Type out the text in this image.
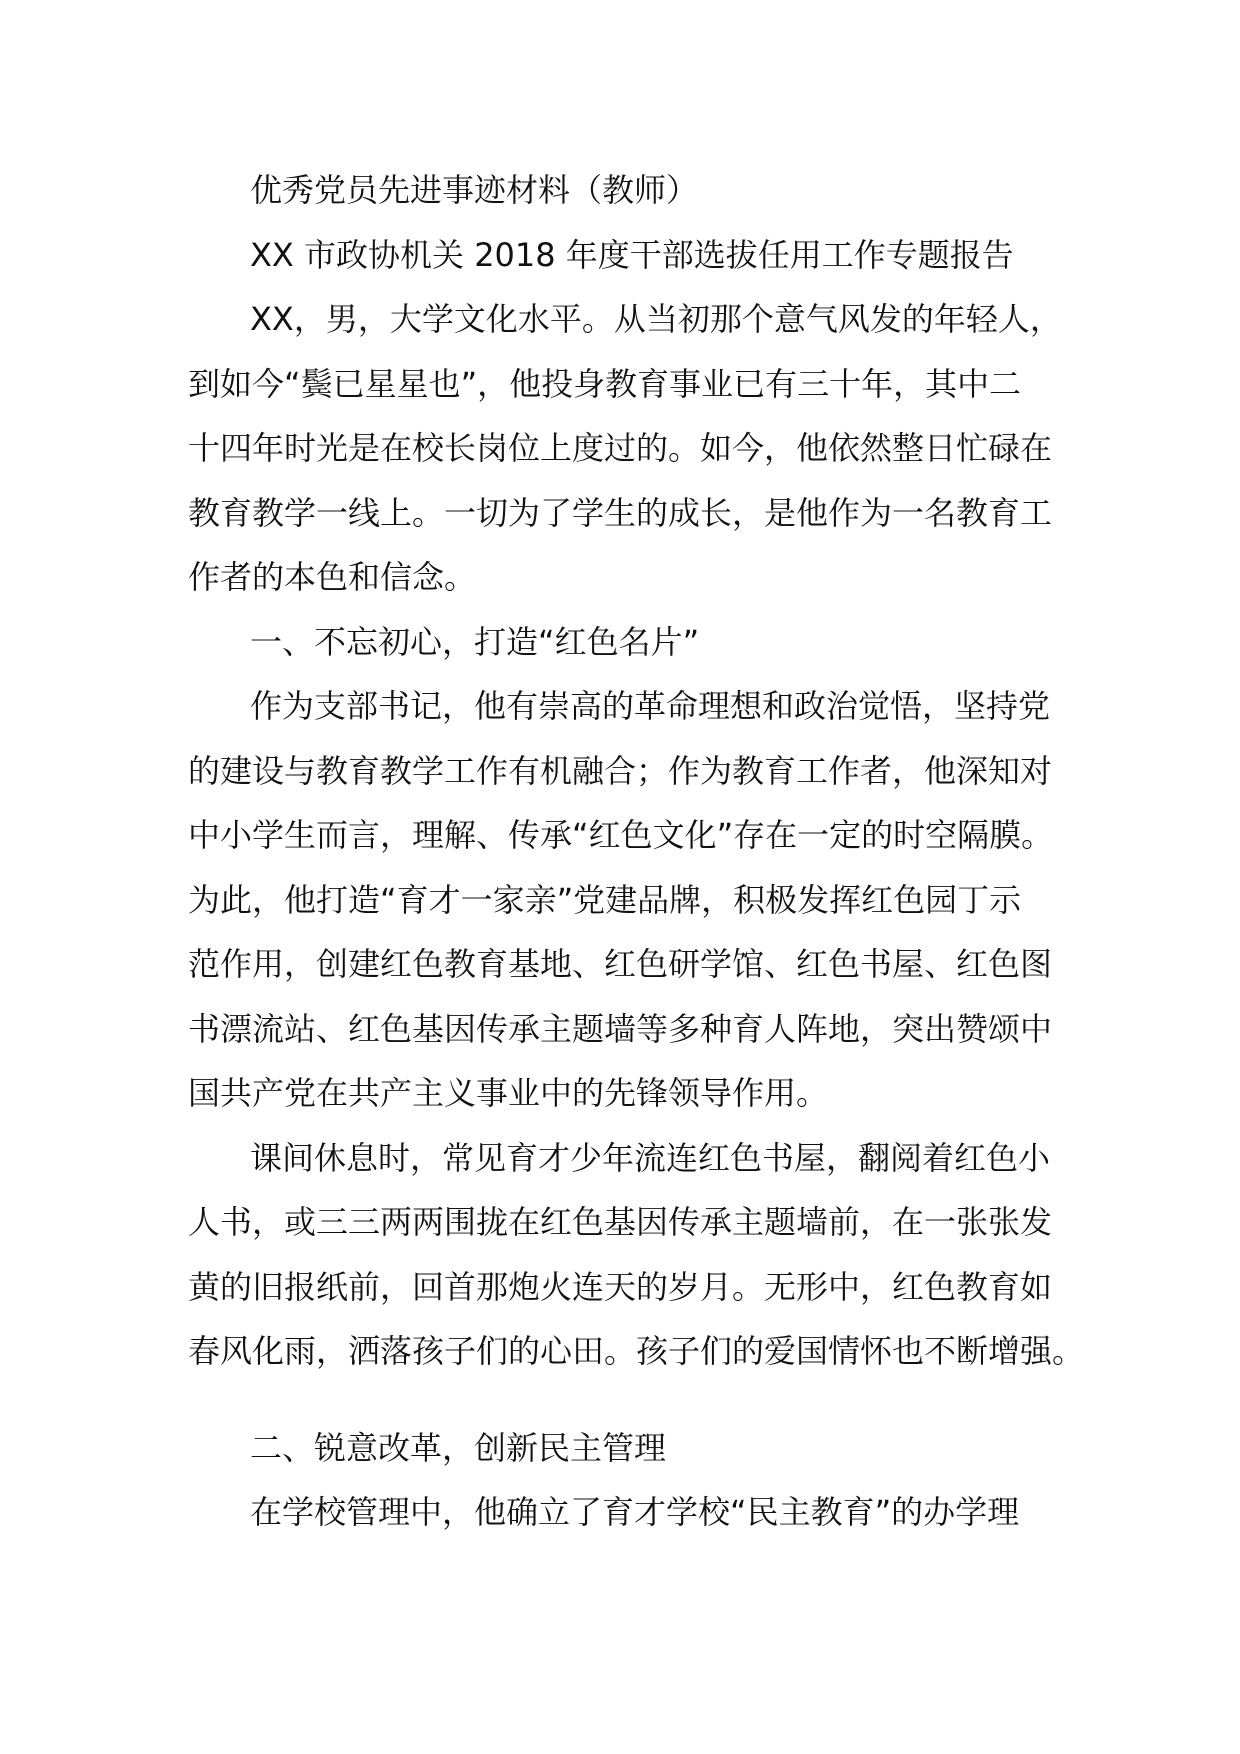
优秀党员先进事迹材料（教师）
XX 市政协机关 2018 年度干部选拔任用工作专题报告
XX，男，大学文化水平。从当初那个意气风发的年轻人，
到如今“鬓已星星也”，他投身教育事业已有三十年，其中二
十四年时光是在校长岗位上度过的。如今，他依然整日忙碌在
教育教学一线上。一切为了学生的成长，是他作为一名教育工
作者的本色和信念。
一、不忘初心，打造“红色名片”
作为支部书记，他有崇高的革命理想和政治觉悟，坚持党
的建设与教育教学工作有机融合；作为教育工作者，他深知对
中小学生而言，理解、传承“红色文化”存在一定的时空隔膜。
为此，他打造“育才一家亲”党建品牌，积极发挥红色园丁示
范作用，创建红色教育基地、红色研学馆、红色书屋、红色图
书漂流站、红色基因传承主题墙等多种育人阵地，突出赞颂中
国共产党在共产主义事业中的先锋领导作用。
课间休息时，常见育才少年流连红色书屋，翻阅着红色小
人书，或三三两两围拢在红色基因传承主题墙前，在一张张发
黄的旧报纸前，回首那炮火连天的岁月。无形中，红色教育如
春风化雨，洒落孩子们的心田。孩子们的爱国情怀也不断增强。
二、锐意改革，创新民主管理
在学校管理中，他确立了育才学校“民主教育”的办学理
